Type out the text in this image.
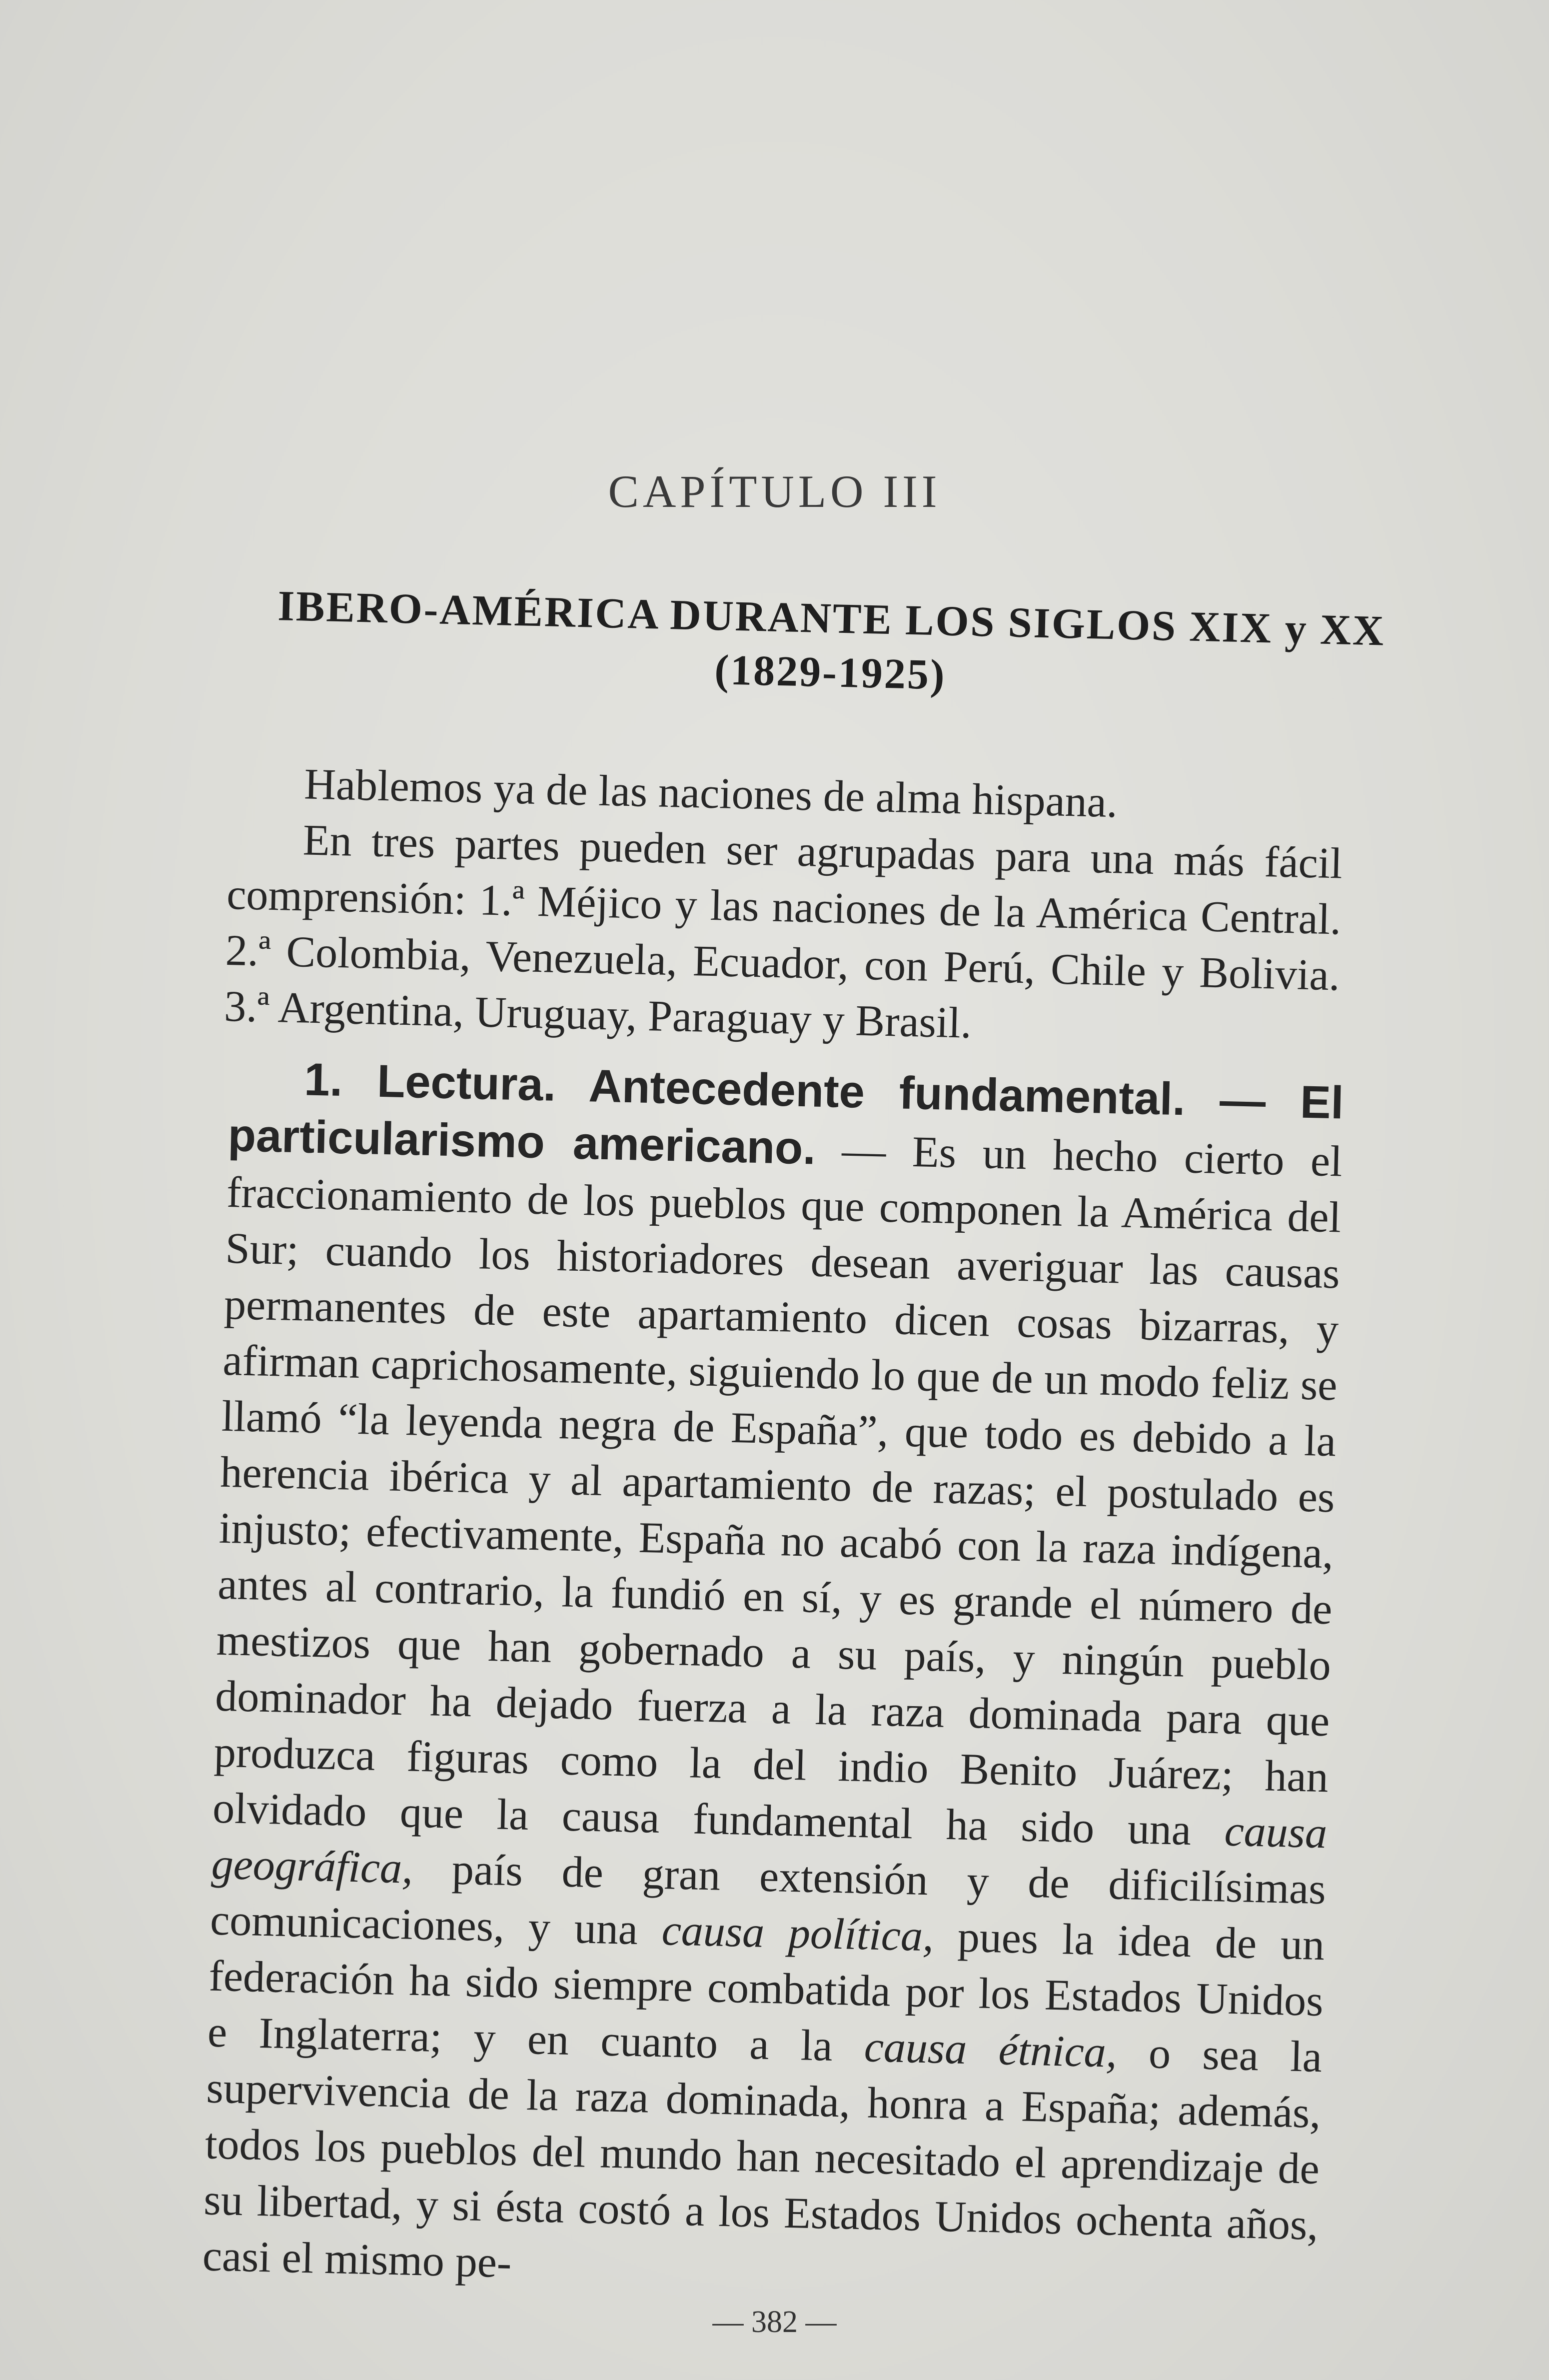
CAPÍTULO III
IBERO-AMÉRICA DURANTE LOS SIGLOS XIX y XX
(1829-1925)

Hablemos ya de las naciones de alma hispana.

En tres partes pueden ser agrupadas para una más fácil comprensión: 1.ª Méjico y las naciones de la América Central. 2.ª Colombia, Venezuela, Ecuador, con Perú, Chile y Bolivia. 3.ª Argentina, Uruguay, Paraguay y Brasil.

1. Lectura. Antecedente fundamental. — El particularismo americano. — Es un hecho cierto el fraccionamiento de los pueblos que componen la América del Sur; cuando los historiadores desean averiguar las causas permanentes de este apartamiento dicen cosas bizarras, y afirman caprichosamente, siguiendo lo que de un modo feliz se llamó “la leyenda negra de España”, que todo es debido a la herencia ibérica y al apartamiento de razas; el postulado es injusto; efectivamente, España no acabó con la raza indígena, antes al contrario, la fundió en sí, y es grande el número de mestizos que han gobernado a su país, y ningún pueblo dominador ha dejado fuerza a la raza dominada para que produzca figuras como la del indio Benito Juárez; han olvidado que la causa fundamental ha sido una causa geográfica, país de gran extensión y de dificilísimas comunicaciones, y una causa política, pues la idea de un federación ha sido siempre combatida por los Estados Unidos e Inglaterra; y en cuanto a la causa étnica, o sea la supervivencia de la raza dominada, honra a España; además, todos los pueblos del mundo han necesitado el aprendizaje de su libertad, y si ésta costó a los Estados Unidos ochenta años, casi el mismo pe-

— 382 —
